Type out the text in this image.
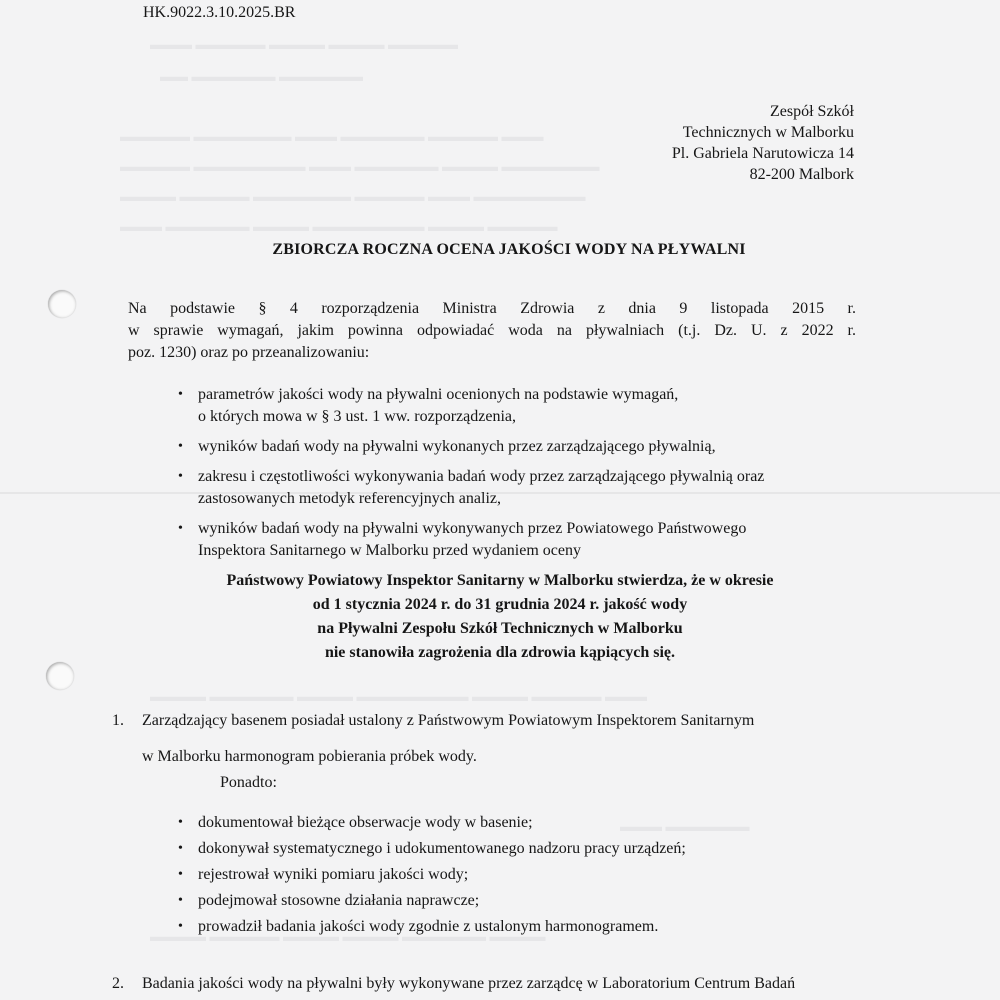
▬▬▬ ▬▬▬▬▬ ▬▬▬▬ ▬▬▬▬ ▬▬▬▬▬
▬▬ ▬▬▬▬▬▬ ▬▬▬▬▬▬
▬▬▬▬▬ ▬▬▬▬▬▬▬ ▬▬▬ ▬▬▬▬▬▬ ▬▬▬▬▬ ▬▬▬
▬▬▬▬▬ ▬▬▬▬▬▬▬▬ ▬▬▬ ▬▬▬▬▬▬ ▬▬▬▬ ▬▬▬▬▬▬▬
▬▬▬▬ ▬▬▬▬▬ ▬▬▬▬▬▬▬ ▬▬▬▬▬ ▬▬▬ ▬▬▬▬▬▬▬▬
▬▬▬ ▬▬▬▬▬▬ ▬▬▬▬ ▬▬▬▬▬▬▬▬ ▬▬▬▬ ▬▬▬▬▬
▬▬▬▬ ▬▬▬▬▬▬ ▬▬▬▬ ▬▬▬▬▬▬▬▬ ▬▬▬▬ ▬▬▬▬▬ ▬▬▬
▬▬▬ ▬▬▬▬▬▬
▬▬▬▬ ▬▬▬▬▬ ▬▬▬▬ ▬▬▬▬ ▬▬▬▬▬▬ ▬▬▬▬
HK.9022.3.10.2025.BR
Zespół Szkół
Technicznych w Malborku
Pl. Gabriela Narutowicza 14
82-200 Malbork
ZBIORCZA ROCZNA OCENA JAKOŚCI WODY NA PŁYWALNI
Na podstawie § 4 rozporządzenia Ministra Zdrowia z dnia 9 listopada 2015 r.
w sprawie wymagań, jakim powinna odpowiadać woda na pływalniach (t.j. Dz. U. z 2022 r.
poz. 1230) oraz po przeanalizowaniu:
• parametrów jakości wody na pływalni ocenionych na podstawie wymagań,
o których mowa w § 3 ust. 1 ww. rozporządzenia,
• wyników badań wody na pływalni wykonanych przez zarządzającego pływalnią,
• zakresu i częstotliwości wykonywania badań wody przez zarządzającego pływalnią oraz
zastosowanych metodyk referencyjnych analiz,
• wyników badań wody na pływalni wykonywanych przez Powiatowego Państwowego
Inspektora Sanitarnego w Malborku przed wydaniem oceny
Państwowy Powiatowy Inspektor Sanitarny w Malborku stwierdza, że w okresie
od 1 stycznia 2024 r. do 31 grudnia 2024 r. jakość wody
na Pływalni Zespołu Szkół Technicznych w Malborku
nie stanowiła zagrożenia dla zdrowia kąpiących się.
1. Zarządzający basenem posiadał ustalony z Państwowym Powiatowym Inspektorem Sanitarnym
w Malborku harmonogram pobierania próbek wody.
Ponadto:
• dokumentował bieżące obserwacje wody w basenie;
• dokonywał systematycznego i udokumentowanego nadzoru pracy urządzeń;
• rejestrował wyniki pomiaru jakości wody;
• podejmował stosowne działania naprawcze;
• prowadził badania jakości wody zgodnie z ustalonym harmonogramem.
2. Badania jakości wody na pływalni były wykonywane przez zarządcę w Laboratorium Centrum Badań
